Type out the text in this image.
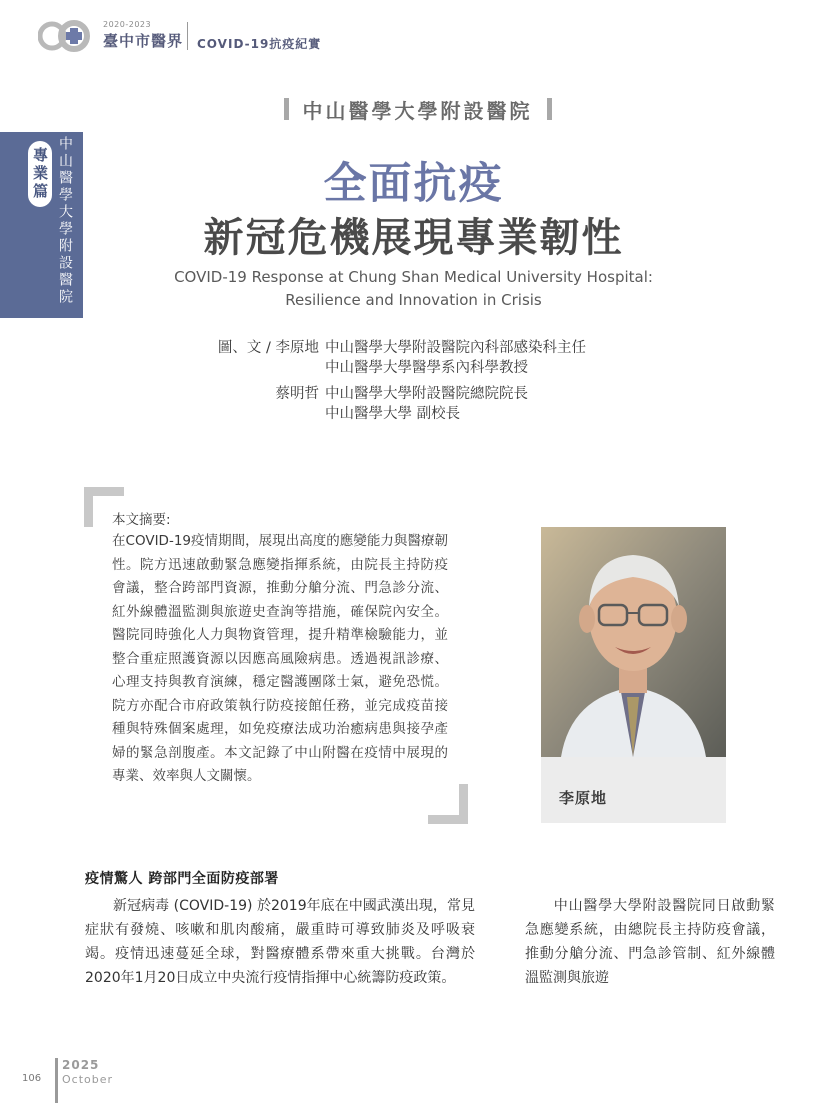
2020-2023
臺中市醫界 COVID-19抗疫紀實
專業篇 中山醫學大學附設醫院
中山醫學大學附設醫院
全面抗疫
新冠危機展現專業韌性
COVID-19 Response at Chung Shan Medical University Hospital:
Resilience and Innovation in Crisis
圖、文 / 李原地 中山醫學大學附設醫院內科部感染科主任
中山醫學大學醫學系內科學教授
蔡明哲 中山醫學大學附設醫院總院院長
中山醫學大學 副校長
本文摘要:
在COVID-19疫情期間，展現出高度的應變能力與醫療韌性。院方迅速啟動緊急應變指揮系統，由院長主持防疫會議，整合跨部門資源，推動分艙分流、門急診分流、紅外線體溫監測與旅遊史查詢等措施，確保院內安全。醫院同時強化人力與物資管理，提升精準檢驗能力，並整合重症照護資源以因應高風險病患。透過視訊診療、心理支持與教育演練，穩定醫護團隊士氣，避免恐慌。院方亦配合市府政策執行防疫接館任務，並完成疫苗接種與特殊個案處理，如免疫療法成功治癒病患與接孕產婦的緊急剖腹產。本文記錄了中山附醫在疫情中展現的專業、效率與人文關懷。
李原地
疫情驚人 跨部門全面防疫部署
新冠病毒 (COVID-19) 於2019年底在中國武漢出現，常見症狀有發燒、咳嗽和肌肉酸痛，嚴重時可導致肺炎及呼吸衰竭。疫情迅速蔓延全球，對醫療體系帶來重大挑戰。台灣於2020年1月20日成立中央流行疫情指揮中心統籌防疫政策。
中山醫學大學附設醫院同日啟動緊急應變系統，由總院長主持防疫會議，推動分艙分流、門急診管制、紅外線體溫監測與旅遊
106
2025
October
